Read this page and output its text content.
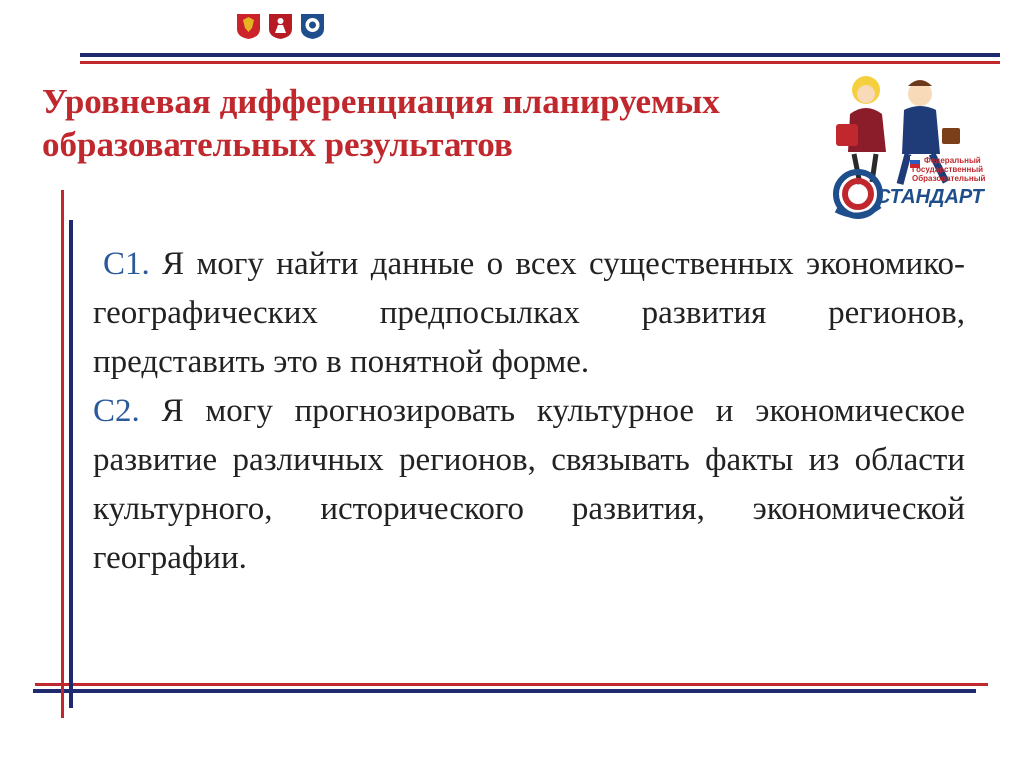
Уровневая дифференциация планируемых образовательных результатов	Федеральный
Государственный
Образовательный
СТАНДАРТ

С1. Я могу найти данные о всех существенных экономико-географических предпосылках развития регионов, представить это в понятной форме.

С2. Я могу прогнозировать культурное и экономическое развитие различных регионов, связывать факты из области культурного, исторического развития, экономической географии.
